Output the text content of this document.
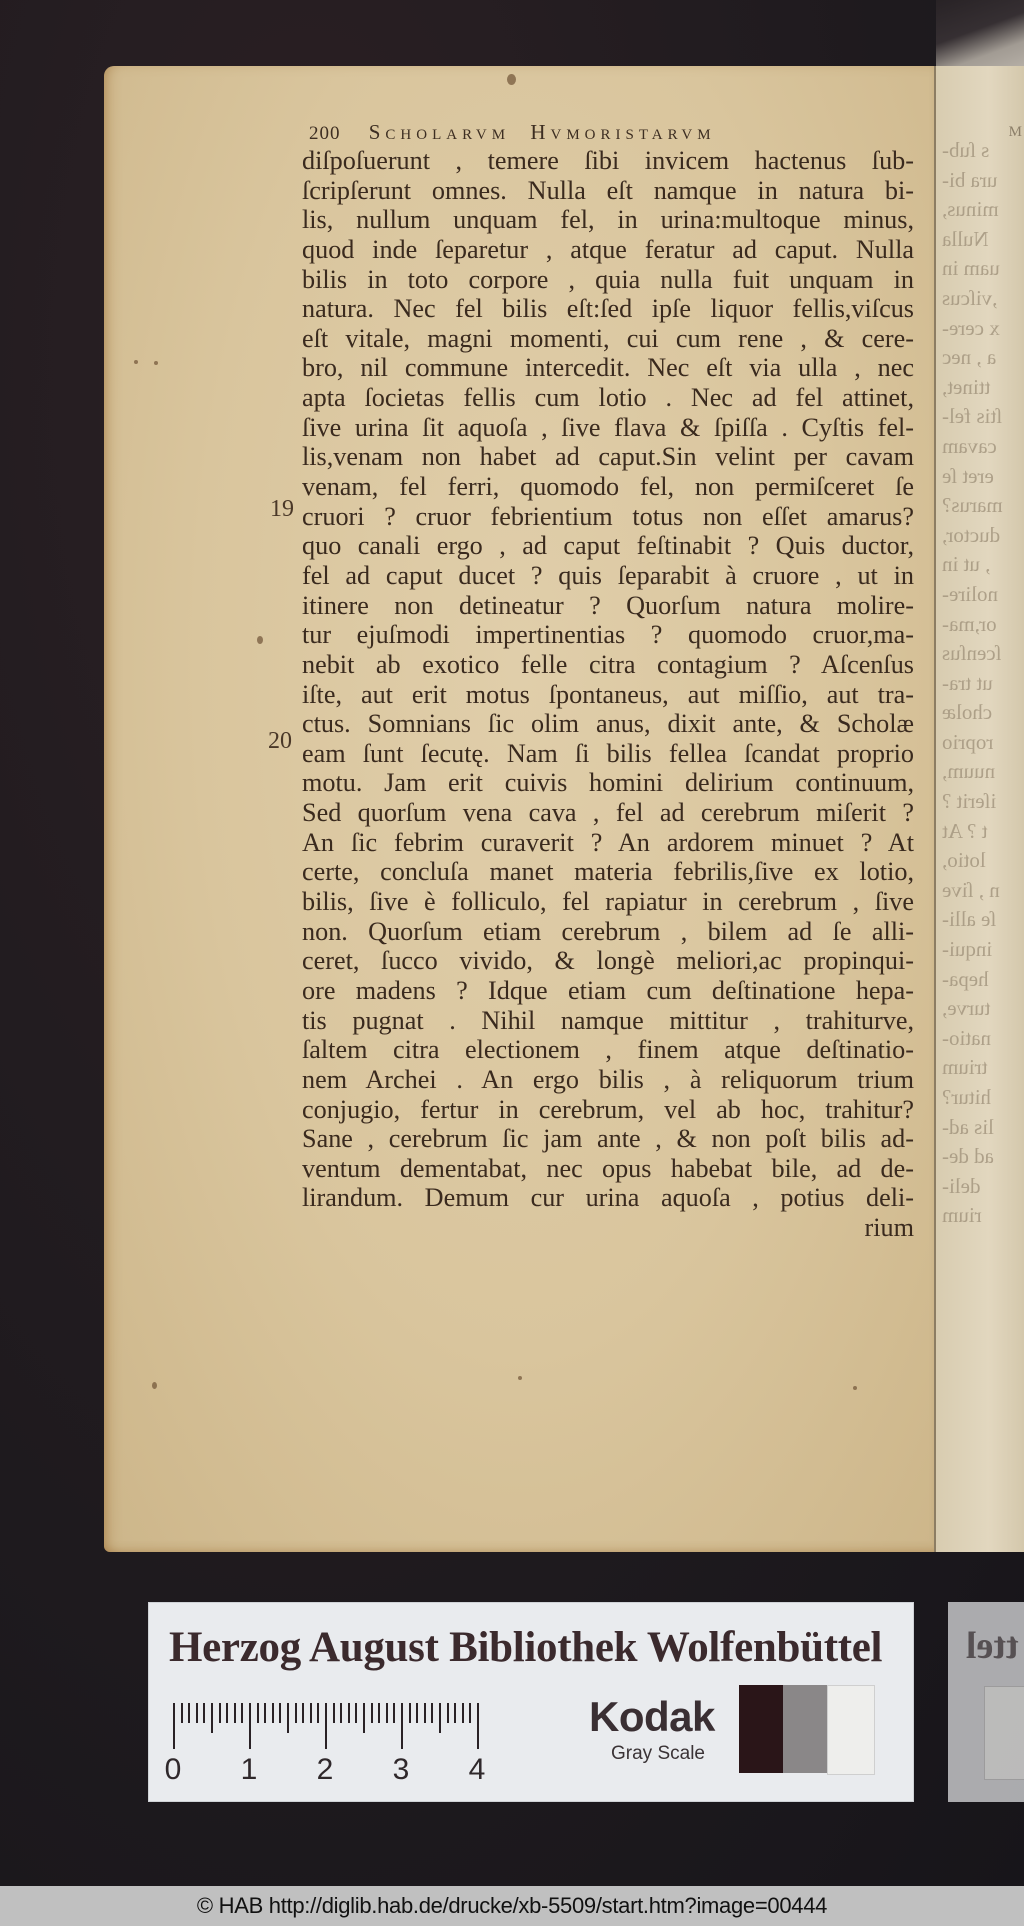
M
s ſub-
ura bi-
minus,
Nulla
uam in
,viſcus
x cere-
a , nec
ttinet,
ſtis fel-
cavam
eret ſe
marus?
ductor,
, ut in
nolire-
or,ma-
ſcenſus
ut tra-
cholæ
roprio
nuum,
iſerit ?
t ? At
lotio,
n , ſive
ſe alli-
inqui-
hepa-
turve,
natio-
trium
hitur?
lis ad-
ad de-
deli-
rium
200 Scholarvm Hvmoristarvm
diſpoſuerunt , temere ſibi invicem hactenus ſub-
ſcripſerunt omnes. Nulla eſt namque in natura bi-
lis, nullum unquam fel, in urina:multoque minus,
quod inde ſeparetur , atque feratur ad caput. Nulla
bilis in toto corpore , quia nulla fuit unquam in
natura. Nec fel bilis eſt:ſed ipſe liquor fellis,viſcus
eſt vitale, magni momenti, cui cum rene , & cere-
bro, nil commune intercedit. Nec eſt via ulla , nec
apta ſocietas fellis cum lotio . Nec ad fel attinet,
ſive urina ſit aquoſa , ſive flava & ſpiſſa . Cyſtis fel-
lis,venam non habet ad caput.Sin velint per cavam
venam, fel ferri, quomodo fel, non permiſceret ſe
cruori ? cruor febrientium totus non eſſet amarus?
quo canali ergo , ad caput feſtinabit ? Quis ductor,
fel ad caput ducet ? quis ſeparabit à cruore , ut in
itinere non detineatur ? Quorſum natura molire-
tur ejuſmodi impertinentias ? quomodo cruor,ma-
nebit ab exotico felle citra contagium ? Aſcenſus
iſte, aut erit motus ſpontaneus, aut miſſio, aut tra-
ctus. Somnians ſic olim anus, dixit ante, & Scholæ
eam ſunt ſecutę. Nam ſi bilis fellea ſcandat proprio
motu. Jam erit cuivis homini delirium continuum,
Sed quorſum vena cava , fel ad cerebrum miſerit ?
An ſic febrim curaverit ? An ardorem minuet ? At
certe, concluſa manet materia febrilis,ſive ex lotio,
bilis, ſive è folliculo, fel rapiatur in cerebrum , ſive
non. Quorſum etiam cerebrum , bilem ad ſe alli-
ceret, ſucco vivido, & longè meliori,ac propinqui-
ore madens ? Idque etiam cum deſtinatione hepa-
tis pugnat . Nihil namque mittitur , trahiturve,
ſaltem citra electionem , finem atque deſtinatio-
nem Archei . An ergo bilis , à reliquorum trium
conjugio, fertur in cerebrum, vel ab hoc, trahitur?
Sane , cerebrum ſic jam ante , & non poſt bilis ad-
ventum dementabat, nec opus habebat bile, ad de-
lirandum. Demum cur urina aquoſa , potius deli-
rium
19
20
Herzog August Bibliothek Wolfenbüttel
0 1 2 3 4
Kodak
Gray Scale
ttel
© HAB http://diglib.hab.de/drucke/xb-5509/start.htm?image=00444
